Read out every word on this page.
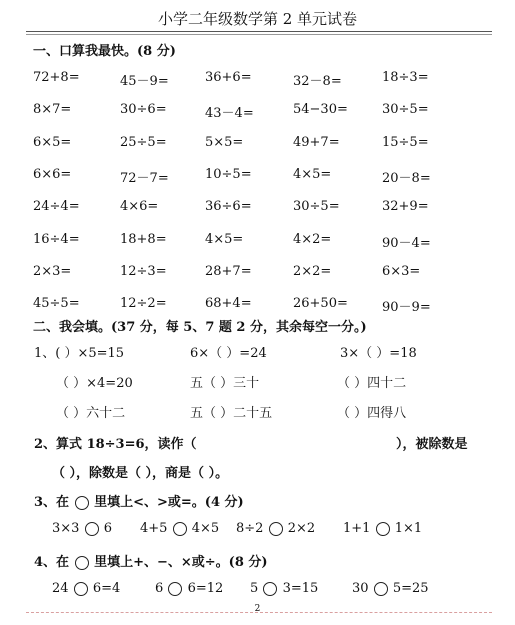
小学二年级数学第 2 单元试卷
一、口算我最快。(8 分)
72+8=	45－9=	36+6=	32－8=	18÷3=
8×7=	30÷6=	43－4=	54−30=	30÷5=
6×5=	25÷5=	5×5=	49+7=	15÷5=
6×6=	72－7=	10÷5=	4×5=	20－8=
24÷4=	4×6=	36÷6=	30÷5=	32+9=
16÷4=	18+8=	4×5=	4×2=	90－4=
2×3=	12÷3=	28+7=	2×2=	6×3=
45÷5=	12÷2=	68+4=	26+50=	90－9=
二、我会填。(37 分，每 5、7 题 2 分，其余每空一分。)
1、( ）×5=15	6×（ ）=24	3×（ ）=18
（ ）×4=20	五（ ）三十	（ ）四十二
（ ）六十二	五（ ）二十五	（ ）四得八
2、算式 18÷3=6，读作（	），被除数是
（ ），除数是（ ），商是（ ）。
3、在 里填上<、>或=。(4 分)
3×3 6 4+5 4×5 8÷2 2×2 1+1 1×1
4、在 里填上+、−、×或÷。(8 分)
24 6=4	6 6=12 5 3=15	30 5=25
2
